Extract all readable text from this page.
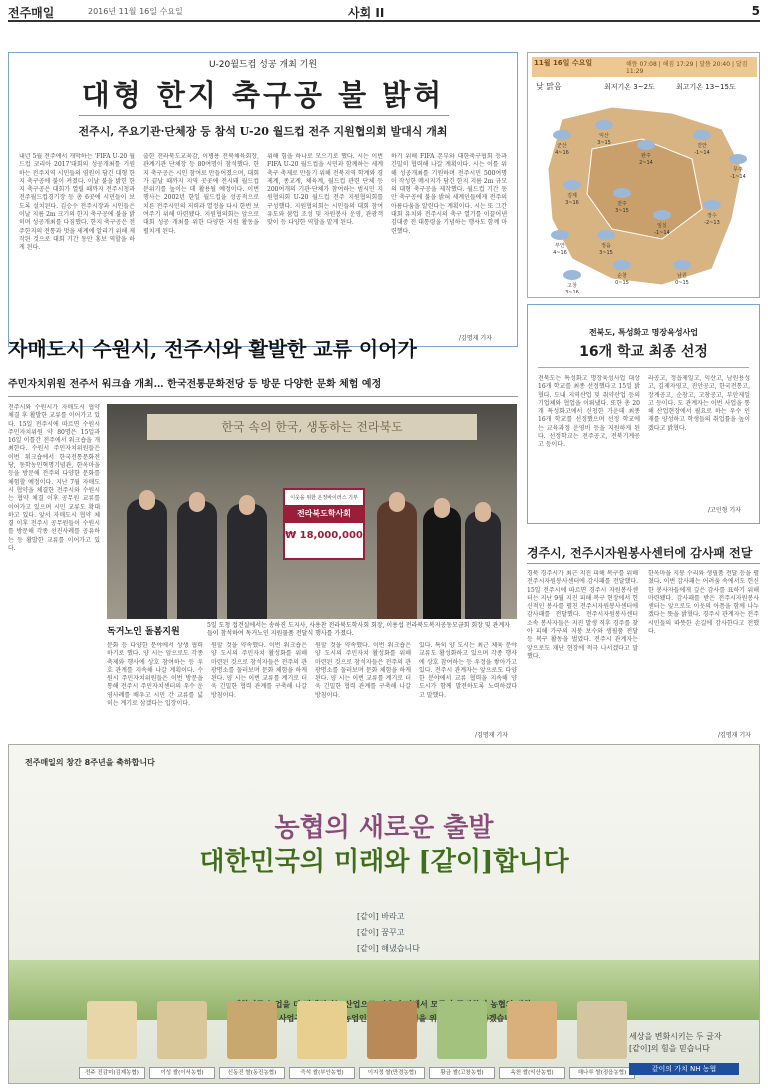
전주매일	2016년 11월 16일 수요일	사회 II	5
U-20월드컵 성공 개최 기원
대형 한지 축구공 불 밝혀
전주시, 주요기관·단체장 등 참석 U-20 월드컵 전주 지원협의회 발대식 개최
내년 5월 전주에서 개막하는 'FIFA U-20 월드컵 코리아 2017'대회의 성공개최를 기원하는 전주지역 시민들의 염원이 담긴 대형 한지 축구공에 불이 켜졌다. 이날 불을 밝힌 한지 축구공은 대회가 열릴 때까지 전주시청과 전주월드컵경기장 등 총 6곳에 시민들이 보도록 설치된다. 김승수 전주시장과 시민들은 이날 지름 2m 크기의 한지 축구공에 불을 밝히며 성공개최를 다짐했다. 한지 축구공은 전주한지의 전통과 멋을 세계에 알리기 위해 제작된 것으로 대회 기간 동안 홍보 역할을 하게 된다.
출한 전라북도교육감, 이병용 전북체육회장, 관계기관 단체장 등 80여명이 참석했다. 한지 축구공은 시민 참여로 만들어졌으며, 대회가 끝날 때까지 지역 곳곳에 전시돼 월드컵 분위기를 높이는 데 활용될 예정이다. 이번 행사는 2002년 한일 월드컵을 성공적으로 치른 전주시민의 저력과 열정을 다시 한번 보여주기 위해 마련됐다. 지원협의회는 앞으로 대회 성공 개최를 위한 다양한 지원 활동을 펼치게 된다.
위해 힘을 하나로 모으기로 했다. 시는 이번 FIFA U-20 월드컵을 시민과 함께하는 세계 축구 축제로 만들기 위해 전북지역 학계와 경제계, 종교계, 체육계, 월드컵 관련 단체 등 200여개의 기관·단체가 참여하는 범시민 지원협의회 U-20 월드컵 전주 지원협의회를 구성했다. 지원협의회는 시민들의 대회 참여 유도와 붐업 조성 및 자원봉사 운영, 관광객 맞이 등 다양한 역할을 맡게 된다.
하기 위해 FIFA 본부와 대한축구협회 등과 긴밀히 협력해 나갈 계획이다. 시는 이를 위해 성공개최를 기원하며 전주시민 500여명이 작성한 메시지가 담긴 한지 지름 2m 규모의 대형 축구공을 제작했다. 월드컵 기간 동안 축구공에 불을 밝혀 세계인들에게 전주의 아름다움을 알린다는 계획이다. 시는 또 그간 대회 유치와 전주시의 축구 열기를 이끌어낸 김대중 전 대통령을 기념하는 행사도 함께 마련했다.
/김명재 기자
11월 16일 수요일	해뜸 07:08 | 해짐 17:29 | 달뜸 20:40 | 달짐 11:29
낮 맑음	최저기온 3~2도	최고기온 13~15도
군산
4~16
익산
3~15
완주
2~14
진안
-1~14
무주
-1~14
김제
3~16	전주
3~15
부안
4~16
정읍
3~15
임실
-1~14
장수
-2~13
고창
3~16
순창
0~15
남원
0~15
전북도, 특성화고 명장육성사업
16개 학교 최종 선정
전북도는 특성화고 명장육성사업 대상 16개 학교를 최종 선정했다고 15일 밝혔다. 도내 지역산업 및 취약산업 등의 기업체와 협업을 이뤄냈다. 또한 총 20개 특성화고에서 신청한 가운데 최종 16개 학교를 선정했으며 선정 학교에는 교육과정 운영비 등을 지원하게 된다. 선정학교는 전주공고, 전북기계공고 등이다.
라공고, 정읍제일고, 익산고, 남원용성고, 김제자영고, 진안공고, 한국전통고, 장계공고, 순창고, 고창공고, 부안제일고 등이다. 도 관계자는 이번 사업을 통해 산업현장에서 필요로 하는 우수 인재를 양성하고 학생들의 취업률을 높이겠다고 밝혔다.
/고민형 기자
자매도시 수원시, 전주시와 활발한 교류 이어가
주민자치위원 전주서 워크숍 개최… 한국전통문화전당 등 방문 다양한 문화 체험 예정
전주시와 수원시가 자매도시 협약체결 후 활발한 교류를 이어가고 있다. 15일 전주시에 따르면 수원시 주민자치위원 약 80명은 15일과 16일 이틀간 전주에서 워크숍을 개최한다. 수원시 주민자치위원들은 이번 워크숍에서 한국전통문화전당, 동학농민혁명기념관, 한옥마을 등을 방문해 전주의 다양한 문화를 체험할 예정이다. 지난 7월 자매도시 협약을 체결한 전주시와 수원시는 협약 체결 이후 공무원 교류를 이어가고 있으며 시민 교류도 확대하고 있다. 앞서 자매도시 협약 체결 이후 전주시 공무원들이 수원시를 방문해 각종 선진사례를 공유하는 등 활발한 교류를 이어가고 있다.
한국 속의 한국, 생동하는 전라북도
이웃을 위한 온정바이러스 기부
전라북도학사회
₩ 18,000,000
독거노인 돌봄지원
5일 도청 접견실에서는 송하진 도지사, 사용찬 전라북도학사회 회장, 이용섭 전라북도복지공동모금회 회장 및 관계자들이 참석하여 독거노인 지원물품 전달식 행사를 가졌다.
문화 등 다양한 분야에서 상생 협력하기로 했다. 양 시는 앞으로도 각종 축제와 행사에 상호 참여하는 등 우호 관계를 지속해 나갈 계획이다. 수원시 주민자치위원들은 이번 방문을 통해 전주시 주민자치센터의 우수 운영사례를 배우고 시민 간 교류를 넓히는 계기로 삼겠다는 입장이다.
원할 것을 약속했다. 이번 워크숍은 양 도시의 주민자치 활성화를 위해 마련된 것으로 참석자들은 전주의 관광명소를 둘러보며 문화 체험을 하게 된다. 양 시는 이번 교류를 계기로 더욱 긴밀한 협력 관계를 구축해 나갈 방침이다.
원할 것을 약속했다. 이번 워크숍은 양 도시의 주민자치 활성화를 위해 마련된 것으로 참석자들은 전주의 관광명소를 둘러보며 문화 체험을 하게 된다. 양 시는 이번 교류를 계기로 더욱 긴밀한 협력 관계를 구축해 나갈 방침이다.
있다. 특히 양 도시는 최근 체육 분야 교류도 활성화하고 있으며 각종 행사에 상호 참여하는 등 우정을 쌓아가고 있다. 전주시 관계자는 앞으로도 다양한 분야에서 교류 협력을 지속해 양 도시가 함께 발전하도록 노력하겠다고 말했다.
/김명재 기자
경주시, 전주시자원봉사센터에 감사패 전달
경북 경주시가 최근 지진 피해 복구를 위해 전주시자원봉사센터에 감사패를 전달했다. 15일 전주시에 따르면 경주시 자원봉사센터는 지난 9월 지진 피해 복구 현장에서 헌신적인 봉사를 펼친 전주시자원봉사센터에 감사패를 전달했다. 전주시자원봉사센터 소속 봉사자들은 지진 발생 직후 경주를 찾아 피해 가구의 지붕 보수와 생필품 전달 등 복구 활동을 벌였다. 전주시 관계자는 앞으로도 재난 현장에 적극 나서겠다고 말했다.
한옥마을 지붕 수리와 생필품 전달 등을 펼쳤다. 이번 감사패는 어려움 속에서도 헌신한 봉사자들에게 깊은 감사를 표하기 위해 마련됐다. 감사패를 받은 전주시자원봉사센터는 앞으로도 이웃의 아픔을 함께 나누겠다는 뜻을 밝혔다. 경주시 관계자는 전주시민들의 따뜻한 손길에 감사한다고 전했다.
/김명재 기자
전주매일의 창간 8주년을 축하합니다
농협의 새로운 출발
대한민국의 미래와 [같이]합니다
[같이] 바라고
[같이] 꿈꾸고
[같이] 해냈습니다
농업을 산업으로 농협의
농업인과 다하겠습니다.
전주 진감미(김제농협)	이성 쌀(이서농협)	신동진 쌀(동진농협)	즉석 쌀(부안농협)	이지정 쌀(만경농협)	황금 쌀(고창농협)	옥천 쌀(익산농협)	해나루 쌀(정읍농협)
세상을 변화시키는 두 글자
[같이]의 힘을 믿습니다
같이의 가치 NH 농협
